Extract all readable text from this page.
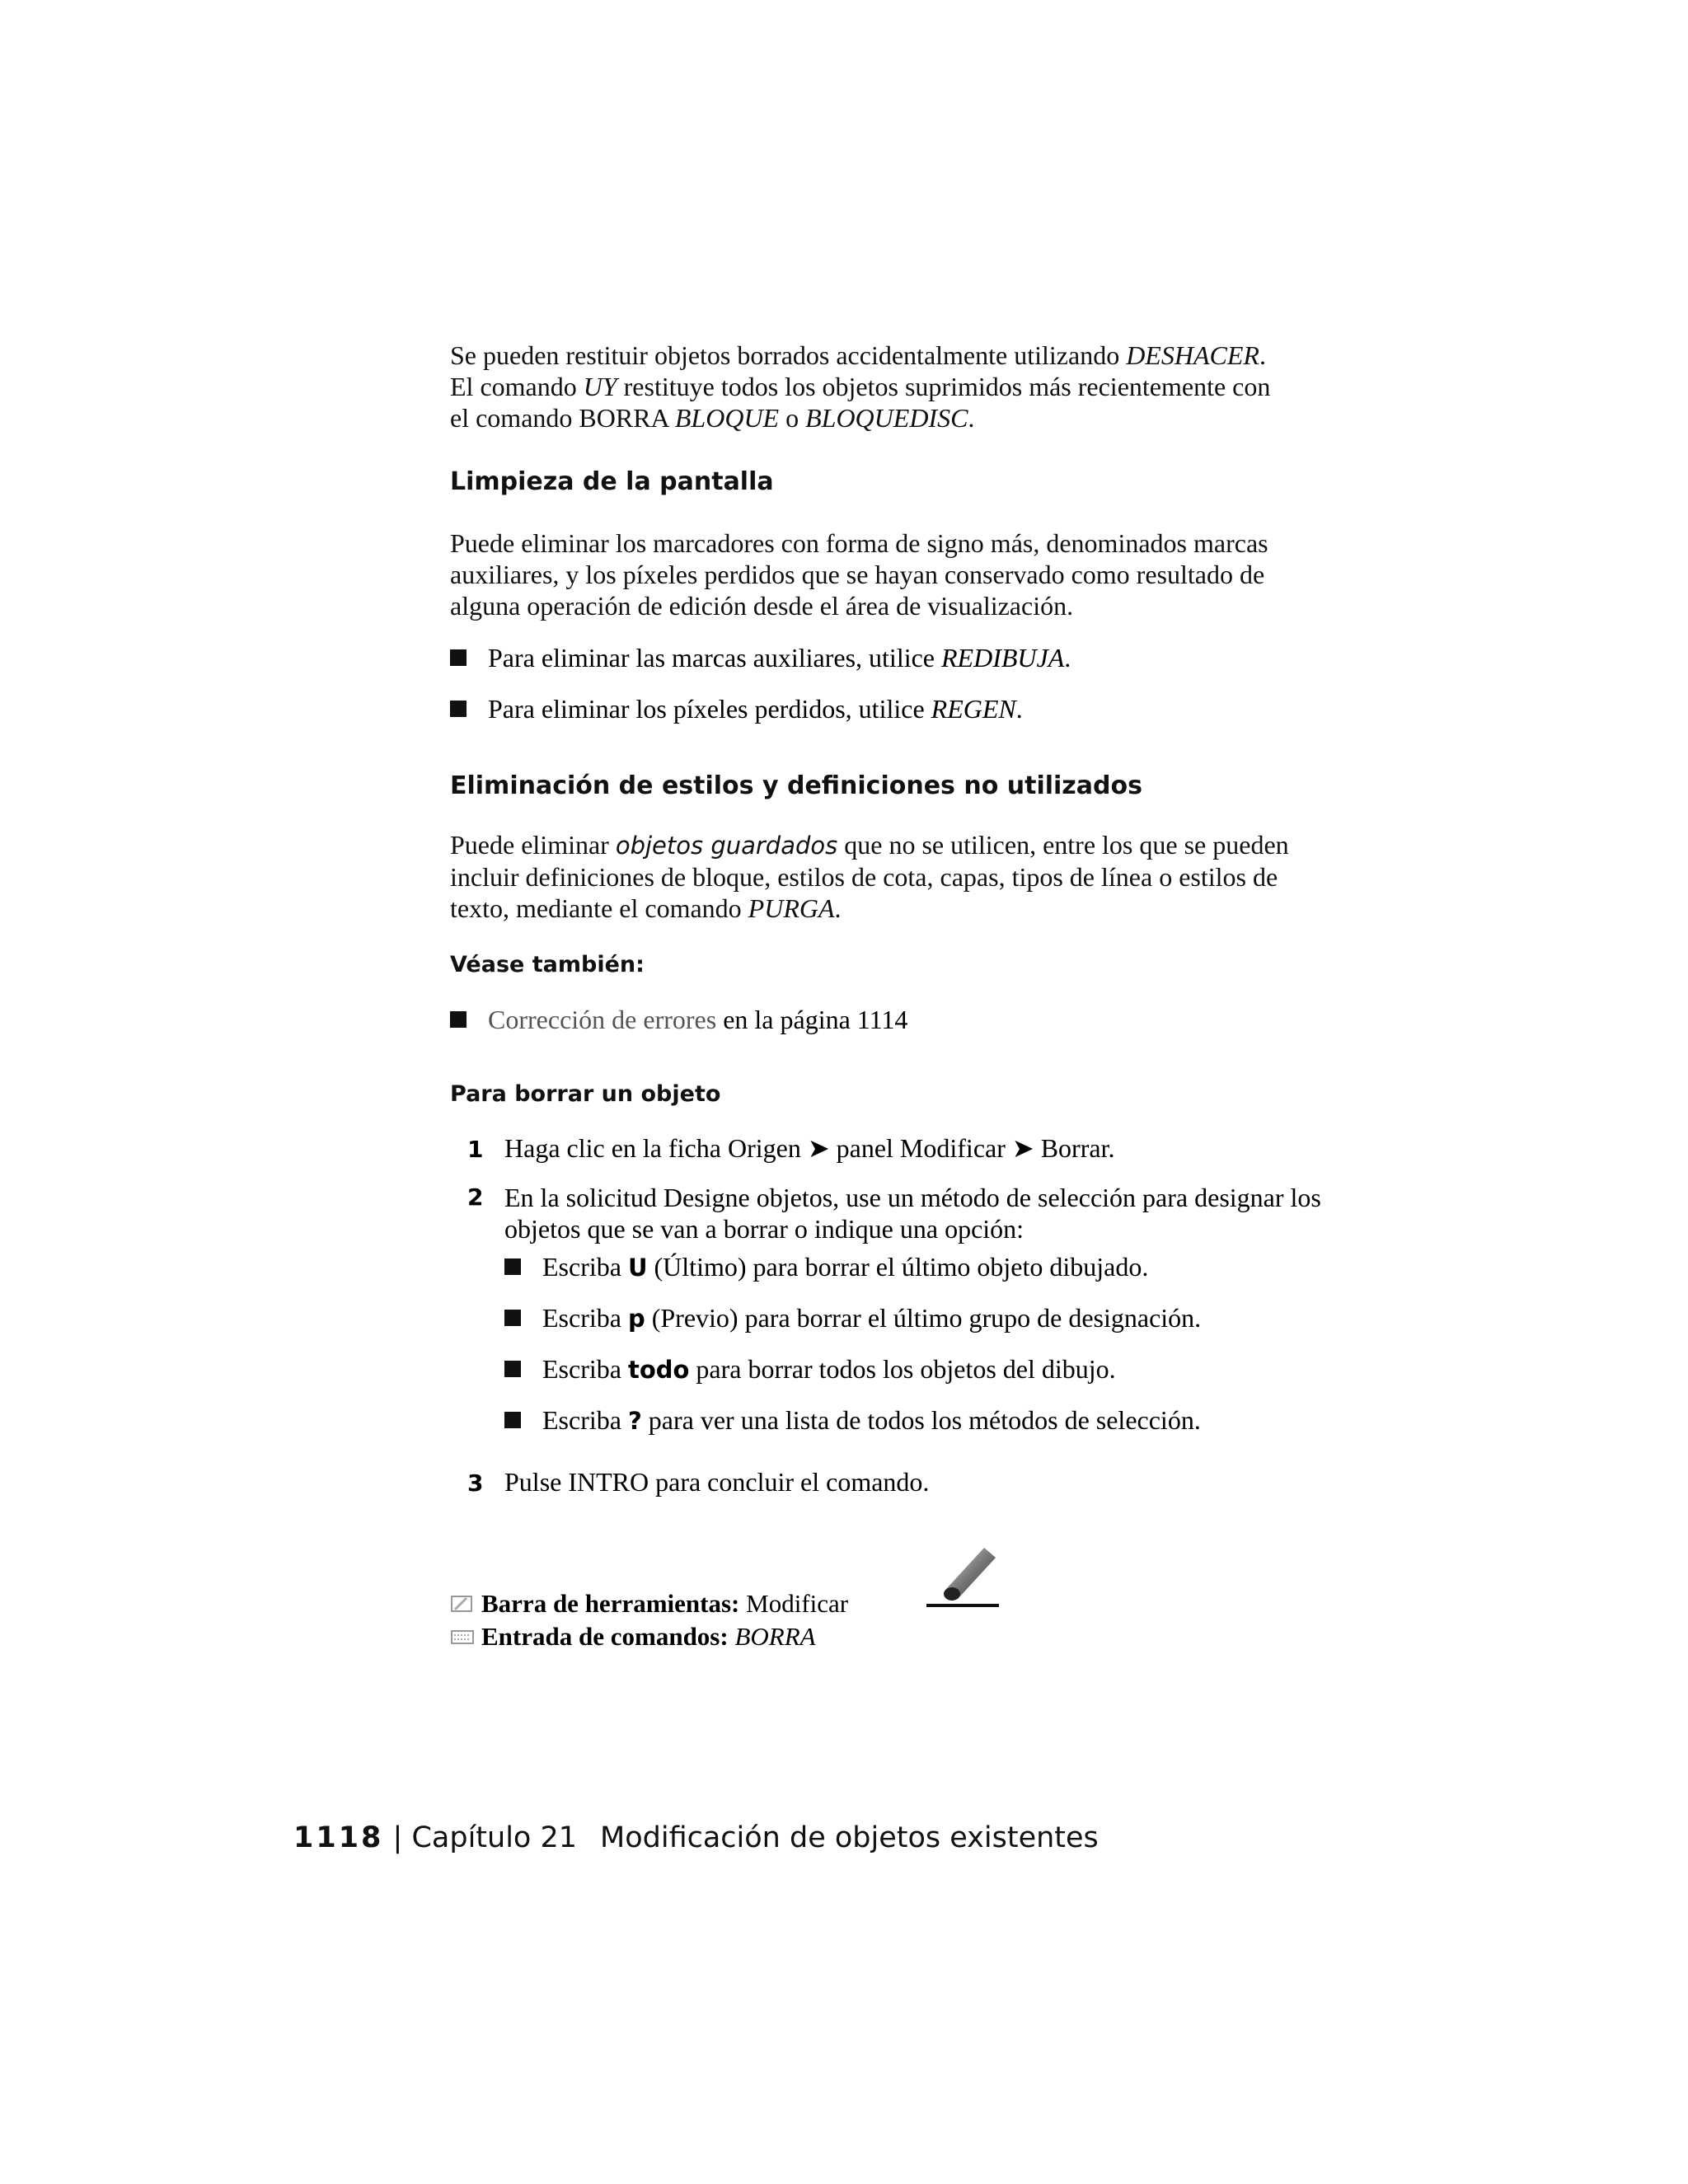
Se pueden restituir objetos borrados accidentalmente utilizando DESHACER.
El comando UY restituye todos los objetos suprimidos más recientemente con
el comando BORRA BLOQUE o BLOQUEDISC.

Limpieza de la pantalla

Puede eliminar los marcadores con forma de signo más, denominados marcas auxiliares, y los píxeles perdidos que se hayan conservado como resultado de alguna operación de edición desde el área de visualización.

Para eliminar las marcas auxiliares, utilice REDIBUJA.
Para eliminar los píxeles perdidos, utilice REGEN.

Eliminación de estilos y definiciones no utilizados

Puede eliminar objetos guardados que no se utilicen, entre los que se pueden incluir definiciones de bloque, estilos de cota, capas, tipos de línea o estilos de texto, mediante el comando PURGA.

Véase también:

Corrección de errores en la página 1114

Para borrar un objeto

1 Haga clic en la ficha Origen ➤ panel Modificar ➤ Borrar.
2 En la solicitud Designe objetos, use un método de selección para designar los objetos que se van a borrar o indique una opción:
Escriba U (Último) para borrar el último objeto dibujado.
Escriba p (Previo) para borrar el último grupo de designación.
Escriba todo para borrar todos los objetos del dibujo.
Escriba ? para ver una lista de todos los métodos de selección.
3 Pulse INTRO para concluir el comando.
Barra de herramientas: Modificar
Entrada de comandos: BORRA
1118 | Capítulo 21 Modificación de objetos existentes
